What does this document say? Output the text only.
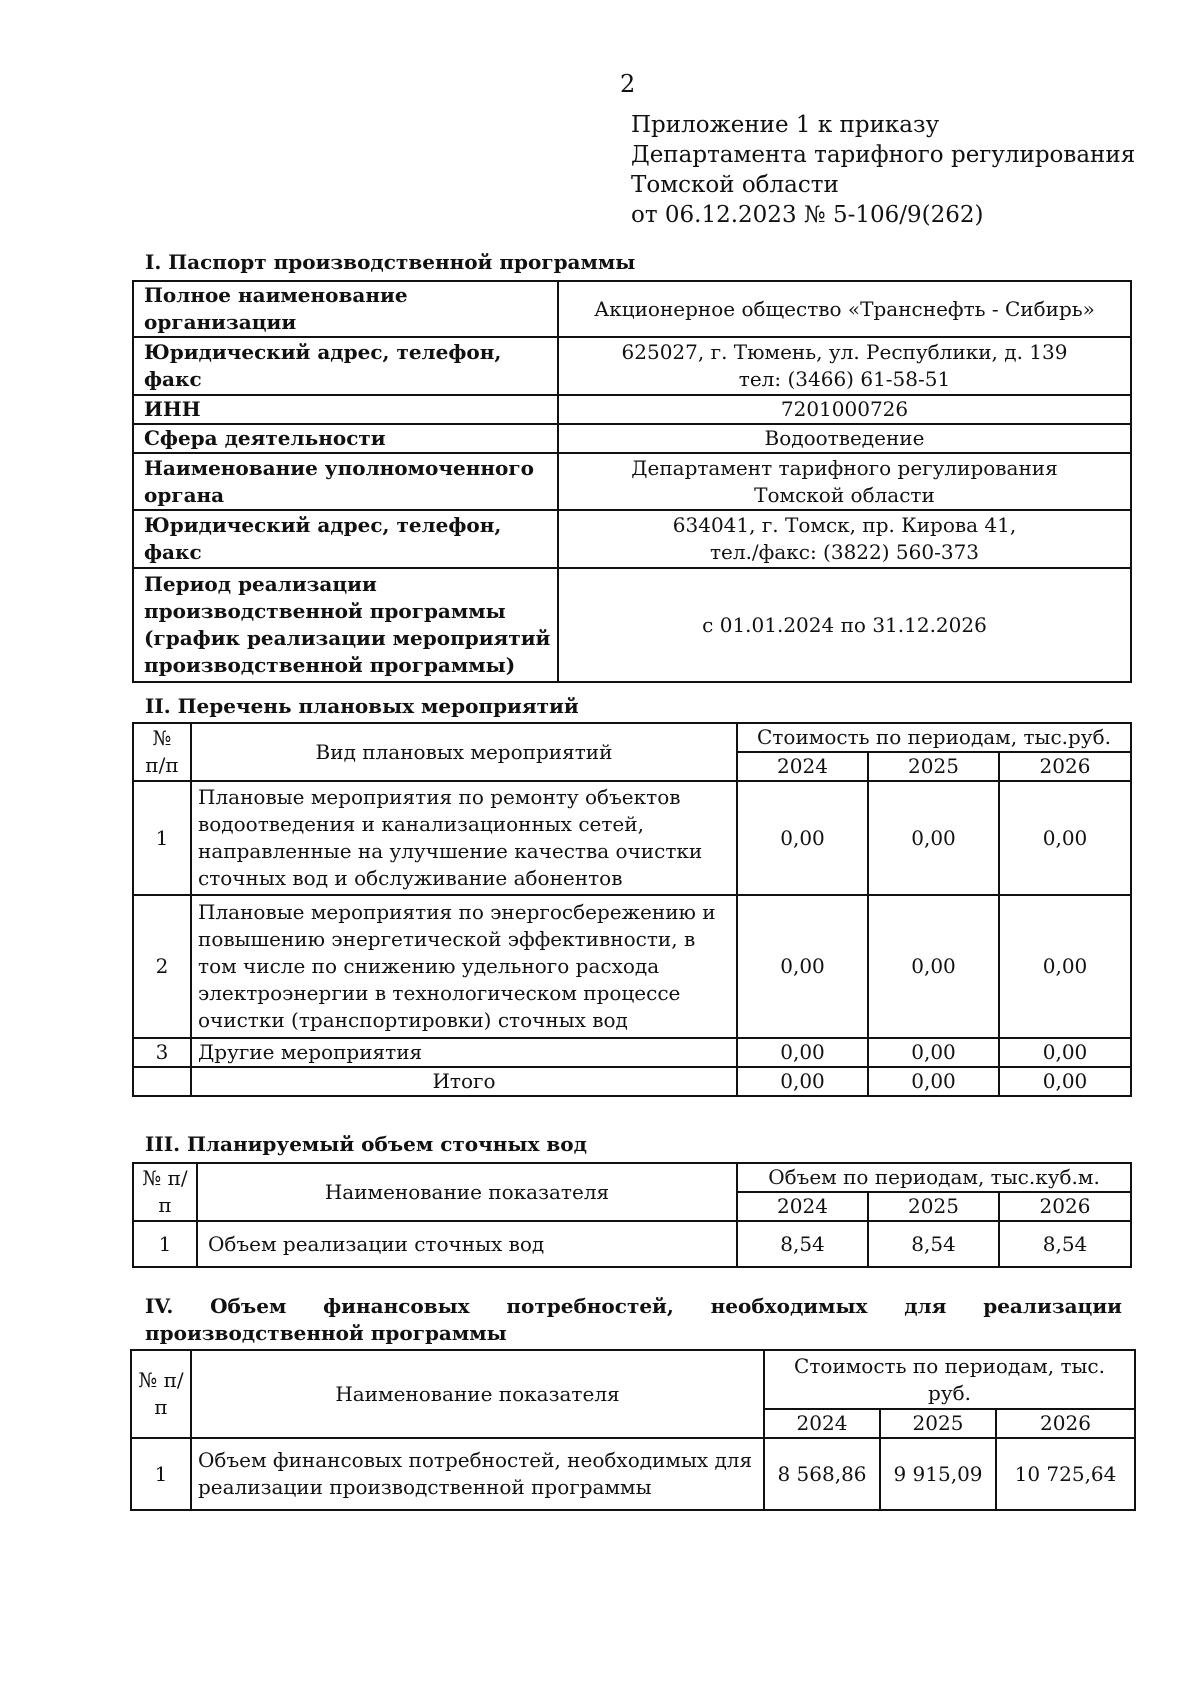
2
Приложение 1 к приказу
Департамента тарифного регулирования
Томской области
от 06.12.2023 № 5-106/9(262)
I. Паспорт производственной программы
Полное наименование организации	Акционерное общество «Транснефть - Сибирь»
Юридический адрес, телефон, факс	625027, г. Тюмень, ул. Республики, д. 139
тел: (3466) 61-58-51

ИНН	7201000726
Сфера деятельности	Водоотведение
Наименование уполномоченного органа	Департамент тарифного регулирования
Томской области

Юридический адрес, телефон, факс	634041, г. Томск, пр. Кирова 41,
тел./факс: (3822) 560-373

Период реализации производственной программы (график реализации мероприятий производственной программы)	с 01.01.2024 по 31.12.2026
II. Перечень плановых мероприятий
№ п/п	Вид плановых мероприятий	Стоимость по периодам, тыс.руб.		
		2024	2025	2026
1	Плановые мероприятия по ремонту объектов водоотведения и канализационных сетей, направленные на улучшение качества очистки сточных вод и обслуживание абонентов	0,00	0,00	0,00
2	Плановые мероприятия по энергосбережению и повышению энергетической эффективности, в том числе по снижению удельного расхода электроэнергии в технологическом процессе очистки (транспортировки) сточных вод	0,00	0,00	0,00
3	Другие мероприятия	0,00	0,00	0,00
	Итого	0,00	0,00	0,00
III. Планируемый объем сточных вод
№ п/п	Наименование показателя	Объем по периодам, тыс.куб.м.		
		2024	2025	2026
1	Объем реализации сточных вод	8,54	8,54	8,54
IV. Объем финансовых потребностей, необходимых для реализации производственной программы
№ п/п	Наименование показателя	Стоимость по периодам, тыс. руб.		
		2024	2025	2026
1	Объем финансовых потребностей, необходимых для реализации производственной программы	8 568,86	9 915,09	10 725,64
